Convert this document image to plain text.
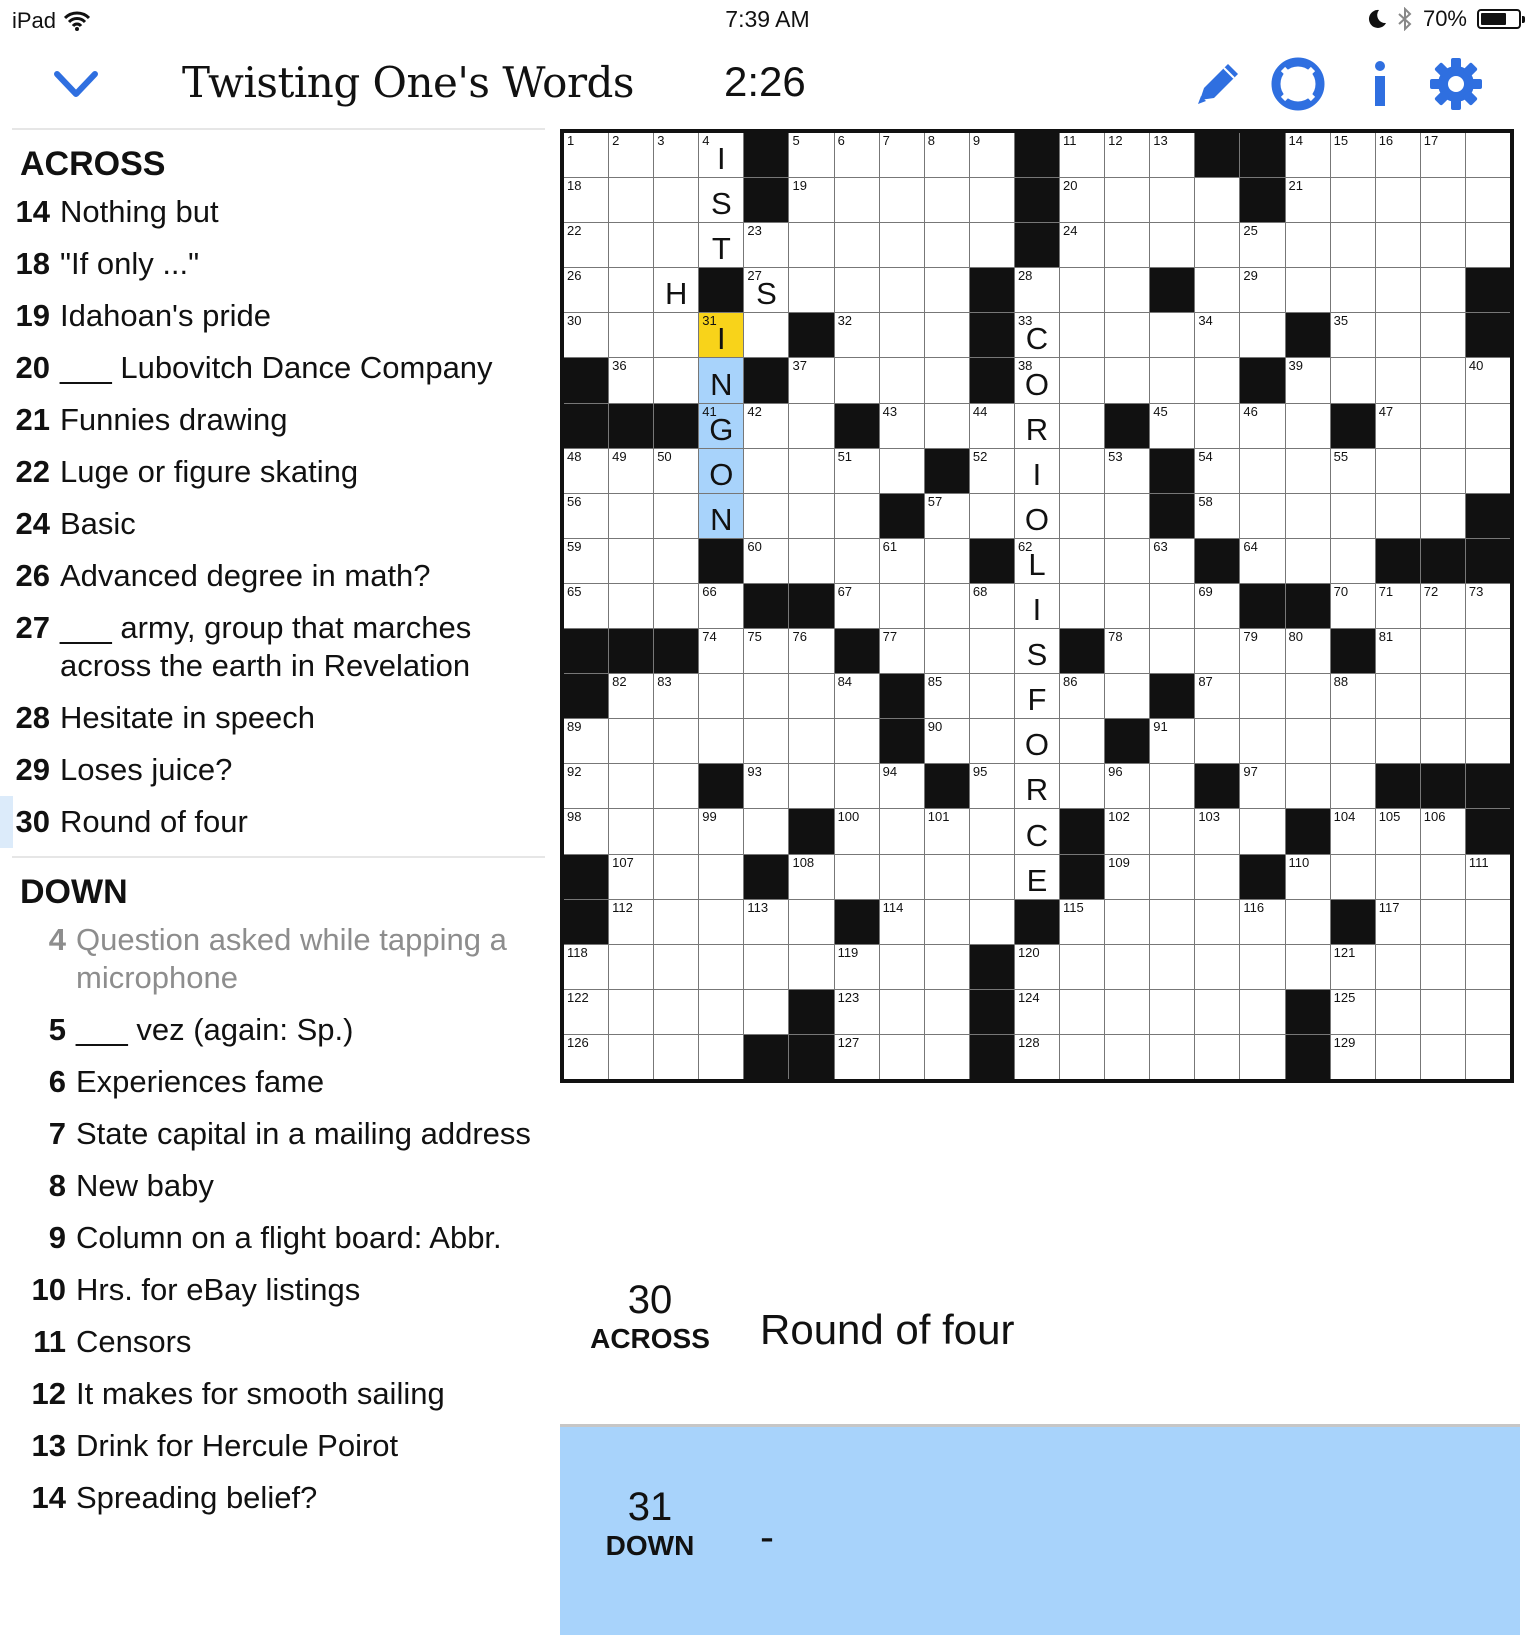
iPad	7:39 AM	70%
Twisting One's Words 2:26
ACROSS
14 Nothing but
18 "If only ..."
19 Idahoan's pride
20 ___ Lubovitch Dance Company
21 Funnies drawing
22 Luge or figure skating
24 Basic
26 Advanced degree in math?
27 ___ army, group that marches across the earth in Revelation
28 Hesitate in speech
29 Loses juice?
30 Round of four
DOWN
4 Question asked while tapping a microphone
5 ___ vez (again: Sp.)
6 Experiences fame
7 State capital in a mailing address
8 New baby
9 Column on a flight board: Abbr.
10 Hrs. for eBay listings
11 Censors
12 It makes for smooth sailing
13 Drink for Hercule Poirot
14 Spreading belief?
1	2	3	4
I
5	6	7	8	9	11 12 13	14 15 16 17
18
S
19	20	21
22
T
23	24	25
26
H
27
S
28	29
30	31
I
32	33
C
34	35
36
N
37	38
O
39	40
41
G
42	43	44
R
45	46	47
48 49 50
O
51	52
I
53	54	55
56
N
57
O
58
59	60	61	62
L
63	64
65	66	67	68
I
69	70 71 72 73
74 75 76	77
S
78	79 80	81
82 83	84	85
F
86	87	88
89	90
O
91
92	93	94	95
R
96	97
98	99	100	101
C
102	103	104 105 106
107	108
E
109	110	111
112	113	114	115	116	117
118	119	120	121
122	123	124	125
126	127	128	129
30
ACROSS	Round of four
31
DOWN	-
